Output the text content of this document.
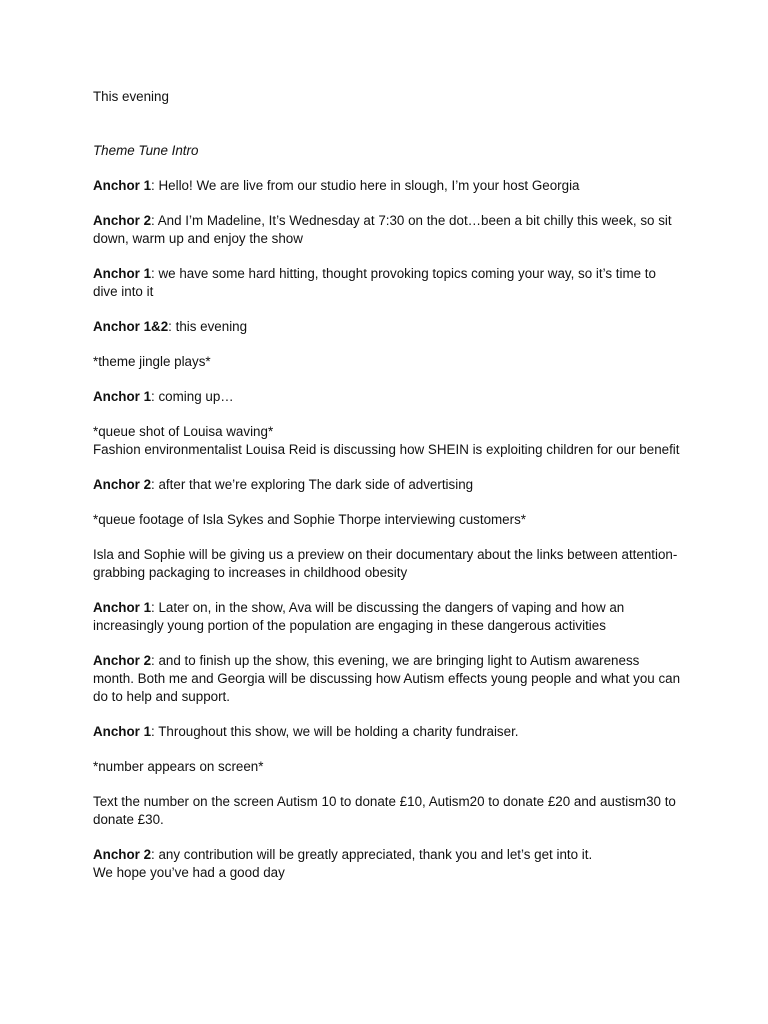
This evening

Theme Tune Intro

Anchor 1: Hello! We are live from our studio here in slough, I’m your host Georgia

Anchor 2: And I’m Madeline, It’s Wednesday at 7:30 on the dot…been a bit chilly this week, so sit down, warm up and enjoy the show

Anchor 1: we have some hard hitting, thought provoking topics coming your way, so it’s time to dive into it

Anchor 1&2: this evening

*theme jingle plays*

Anchor 1: coming up…

*queue shot of Louisa waving*

Fashion environmentalist Louisa Reid is discussing how SHEIN is exploiting children for our benefit

Anchor 2: after that we’re exploring The dark side of advertising

*queue footage of Isla Sykes and Sophie Thorpe interviewing customers*

Isla and Sophie will be giving us a preview on their documentary about the links between attention-grabbing packaging to increases in childhood obesity

Anchor 1: Later on, in the show, Ava will be discussing the dangers of vaping and how an increasingly young portion of the population are engaging in these dangerous activities

Anchor 2: and to finish up the show, this evening, we are bringing light to Autism awareness month. Both me and Georgia will be discussing how Autism effects young people and what you can do to help and support.

Anchor 1: Throughout this show, we will be holding a charity fundraiser.

*number appears on screen*

Text the number on the screen Autism 10 to donate £10, Autism20 to donate £20 and austism30 to donate £30.

Anchor 2: any contribution will be greatly appreciated, thank you and let’s get into it.

We hope you’ve had a good day
